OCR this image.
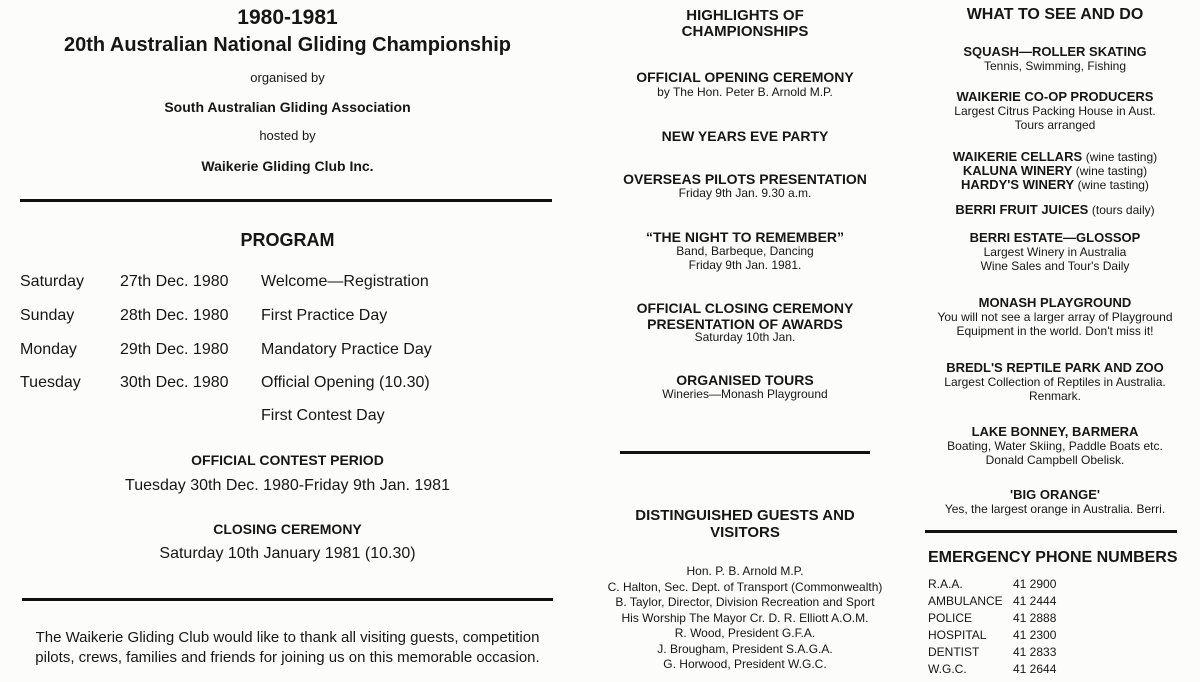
1980-1981
20th Australian National Gliding Championship
organised by
South Australian Gliding Association
hosted by
Waikerie Gliding Club Inc.
PROGRAM
Saturday 27th Dec. 1980 Welcome—Registration
Sunday	28th Dec. 1980 First Practice Day
Monday	29th Dec. 1980 Mandatory Practice Day
Tuesday 30th Dec. 1980 Official Opening (10.30)
First Contest Day
OFFICIAL CONTEST PERIOD
Tuesday 30th Dec. 1980-Friday 9th Jan. 1981
CLOSING CEREMONY
Saturday 10th January 1981 (10.30)
The Waikerie Gliding Club would like to thank all visiting guests, competition
pilots, crews, families and friends for joining us on this memorable occasion.
HIGHLIGHTS OF
CHAMPIONSHIPS
OFFICIAL OPENING CEREMONY
by The Hon. Peter B. Arnold M.P.
NEW YEARS EVE PARTY
OVERSEAS PILOTS PRESENTATION
Friday 9th Jan. 9.30 a.m.
“THE NIGHT TO REMEMBER”
Band, Barbeque, Dancing
Friday 9th Jan. 1981.
OFFICIAL CLOSING CEREMONY
PRESENTATION OF AWARDS
Saturday 10th Jan.
ORGANISED TOURS
Wineries—Monash Playground
DISTINGUISHED GUESTS AND
VISITORS
Hon. P. B. Arnold M.P.
C. Halton, Sec. Dept. of Transport (Commonwealth)
B. Taylor, Director, Division Recreation and Sport
His Worship The Mayor Cr. D. R. Elliott A.O.M.
R. Wood, President G.F.A.
J. Brougham, President S.A.G.A.
G. Horwood, President W.G.C.
WHAT TO SEE AND DO
SQUASH—ROLLER SKATING
Tennis, Swimming, Fishing
WAIKERIE CO-OP PRODUCERS
Largest Citrus Packing House in Aust.
Tours arranged
WAIKERIE CELLARS (wine tasting)
KALUNA WINERY (wine tasting)
HARDY'S WINERY (wine tasting)
BERRI FRUIT JUICES (tours daily)
BERRI ESTATE—GLOSSOP
Largest Winery in Australia
Wine Sales and Tour's Daily
MONASH PLAYGROUND
You will not see a larger array of Playground
Equipment in the world. Don't miss it!
BREDL'S REPTILE PARK AND ZOO
Largest Collection of Reptiles in Australia.
Renmark.
LAKE BONNEY, BARMERA
Boating, Water Skiing, Paddle Boats etc.
Donald Campbell Obelisk.
'BIG ORANGE'
Yes, the largest orange in Australia. Berri.
EMERGENCY PHONE NUMBERS
R.A.A.	41 2900
AMBULANCE 41 2444
POLICE	41 2888
HOSPITAL 41 2300
DENTIST	41 2833
W.G.C.	41 2644
